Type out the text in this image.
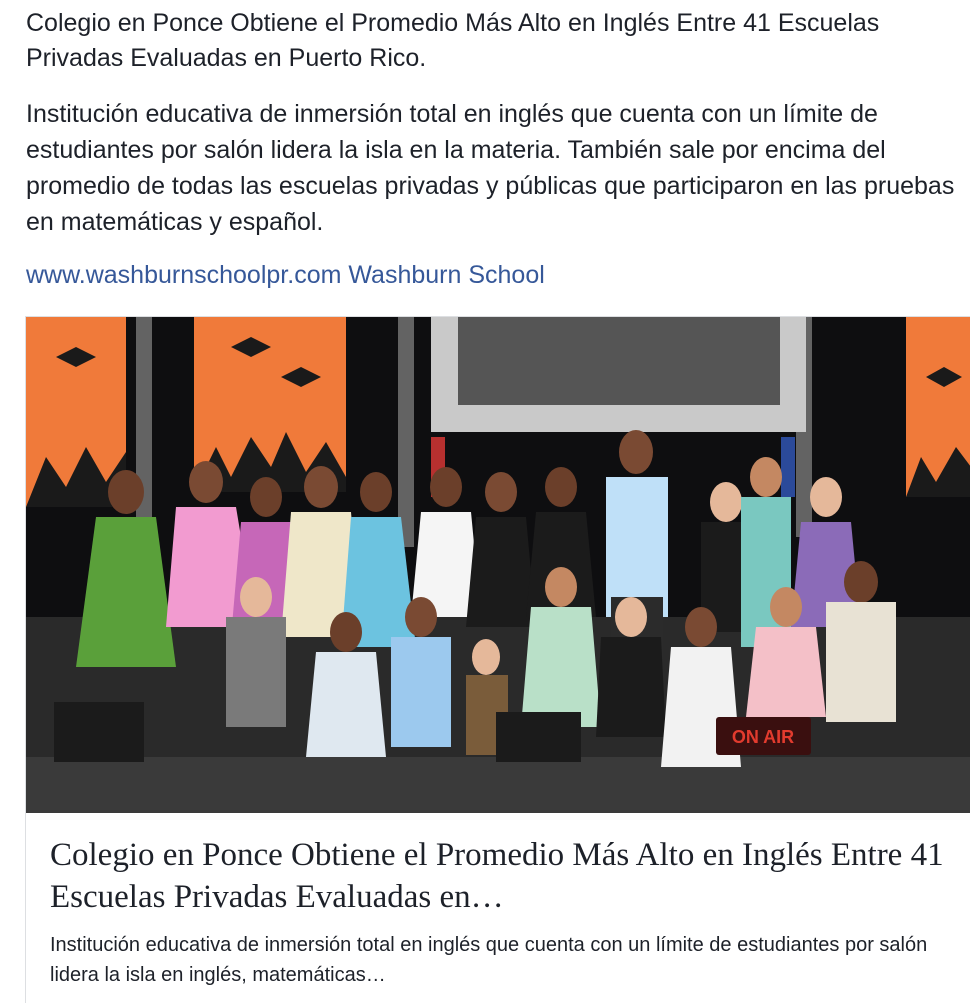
Colegio en Ponce Obtiene el Promedio Más Alto en Inglés Entre 41 Escuelas Privadas Evaluadas en Puerto Rico.

Institución educativa de inmersión total en inglés que cuenta con un límite de estudiantes por salón lidera la isla en la materia. También sale por encima del promedio de todas las escuelas privadas y públicas que participaron en las pruebas en matemáticas y español.

www.washburnschoolpr.com Washburn School
ON AIR
Colegio en Ponce Obtiene el Promedio Más Alto en Inglés Entre 41 Escuelas Privadas Evaluadas en…

Institución educativa de inmersión total en inglés que cuenta con un límite de estudiantes por salón lidera la isla en inglés, matemáticas…
